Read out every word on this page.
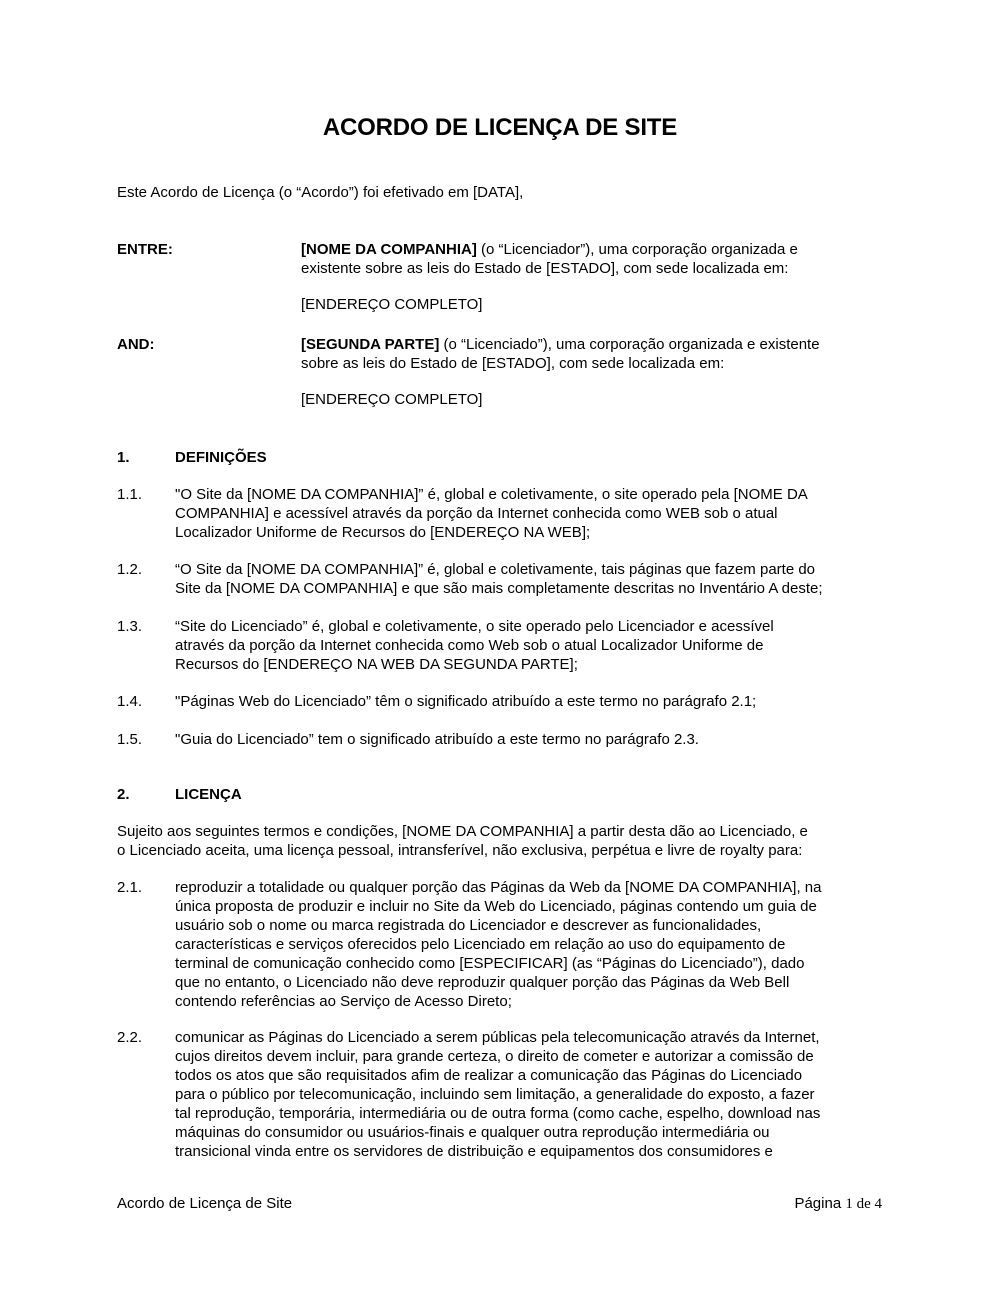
ACORDO DE LICENÇA DE SITE
Este Acordo de Licença (o “Acordo”) foi efetivado em [DATA],
ENTRE:	[NOME DA COMPANHIA] (o “Licenciador”), uma corporação organizada e
existente sobre as leis do Estado de [ESTADO], com sede localizada em:
[ENDEREÇO COMPLETO]
AND:	[SEGUNDA PARTE] (o “Licenciado”), uma corporação organizada e existente
sobre as leis do Estado de [ESTADO], com sede localizada em:
[ENDEREÇO COMPLETO]
1.	DEFINIÇÕES
1.1. "O Site da [NOME DA COMPANHIA]” é, global e coletivamente, o site operado pela [NOME DA
COMPANHIA] e acessível através da porção da Internet conhecida como WEB sob o atual
Localizador Uniforme de Recursos do [ENDEREÇO NA WEB];
1.2. “O Site da [NOME DA COMPANHIA]” é, global e coletivamente, tais páginas que fazem parte do
Site da [NOME DA COMPANHIA] e que são mais completamente descritas no Inventário A deste;
1.3. “Site do Licenciado” é, global e coletivamente, o site operado pelo Licenciador e acessível
através da porção da Internet conhecida como Web sob o atual Localizador Uniforme de
Recursos do [ENDEREÇO NA WEB DA SEGUNDA PARTE];
1.4. "Páginas Web do Licenciado” têm o significado atribuído a este termo no parágrafo 2.1;
1.5. "Guia do Licenciado” tem o significado atribuído a este termo no parágrafo 2.3.
2.	LICENÇA
Sujeito aos seguintes termos e condições, [NOME DA COMPANHIA] a partir desta dão ao Licenciado, e
o Licenciado aceita, uma licença pessoal, intransferível, não exclusiva, perpétua e livre de royalty para:
2.1. reproduzir a totalidade ou qualquer porção das Páginas da Web da [NOME DA COMPANHIA], na
única proposta de produzir e incluir no Site da Web do Licenciado, páginas contendo um guia de
usuário sob o nome ou marca registrada do Licenciador e descrever as funcionalidades,
características e serviços oferecidos pelo Licenciado em relação ao uso do equipamento de
terminal de comunicação conhecido como [ESPECIFICAR] (as “Páginas do Licenciado”), dado
que no entanto, o Licenciado não deve reproduzir qualquer porção das Páginas da Web Bell
contendo referências ao Serviço de Acesso Direto;
2.2. comunicar as Páginas do Licenciado a serem públicas pela telecomunicação através da Internet,
cujos direitos devem incluir, para grande certeza, o direito de cometer e autorizar a comissão de
todos os atos que são requisitados afim de realizar a comunicação das Páginas do Licenciado
para o público por telecomunicação, incluindo sem limitação, a generalidade do exposto, a fazer
tal reprodução, temporária, intermediária ou de outra forma (como cache, espelho, download nas
máquinas do consumidor ou usuários-finais e qualquer outra reprodução intermediária ou
transicional vinda entre os servidores de distribuição e equipamentos dos consumidores e
Acordo de Licença de Site	Página 1 de 4
